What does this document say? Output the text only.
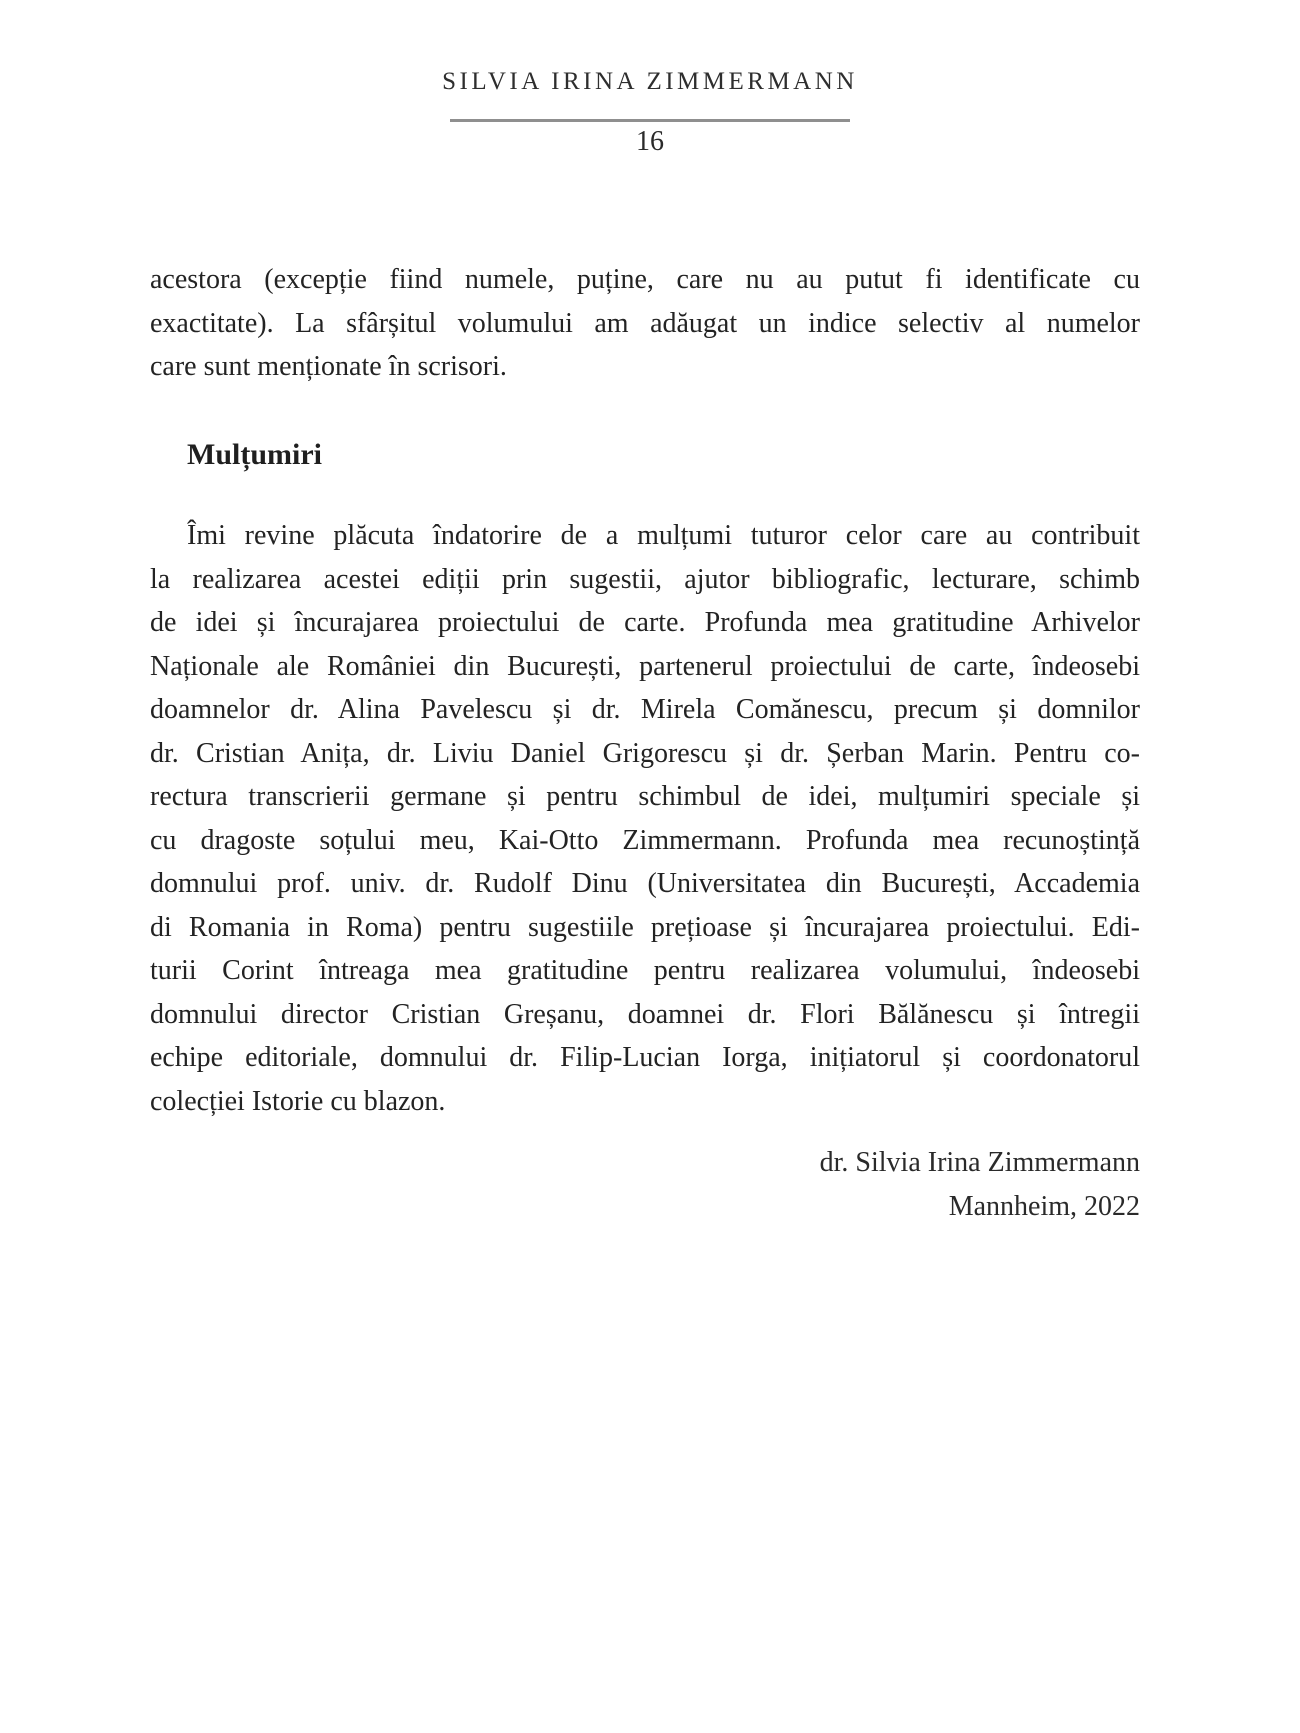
SILVIA IRINA ZIMMERMANN
16
acestora (excepție fiind numele, puține, care nu au putut fi identificate cu
exactitate). La sfârșitul volumului am adăugat un indice selectiv al numelor
care sunt menționate în scrisori.
Mulțumiri
Îmi revine plăcuta îndatorire de a mulțumi tuturor celor care au contribuit
la realizarea acestei ediții prin sugestii, ajutor bibliografic, lecturare, schimb
de idei și încurajarea proiectului de carte. Profunda mea gratitudine Arhivelor
Naționale ale României din București, partenerul proiectului de carte, îndeosebi
doamnelor dr. Alina Pavelescu și dr. Mirela Comănescu, precum și domnilor
dr. Cristian Anița, dr. Liviu Daniel Grigorescu și dr. Șerban Marin. Pentru co-
rectura transcrierii germane și pentru schimbul de idei, mulțumiri speciale și
cu dragoste soțului meu, Kai-Otto Zimmermann. Profunda mea recunoștință
domnului prof. univ. dr. Rudolf Dinu (Universitatea din București, Accademia
di Romania in Roma) pentru sugestiile prețioase și încurajarea proiectului. Edi-
turii Corint întreaga mea gratitudine pentru realizarea volumului, îndeosebi
domnului director Cristian Greșanu, doamnei dr. Flori Bălănescu și întregii
echipe editoriale, domnului dr. Filip-Lucian Iorga, inițiatorul și coordonatorul
colecției Istorie cu blazon.
dr. Silvia Irina Zimmermann
Mannheim, 2022
